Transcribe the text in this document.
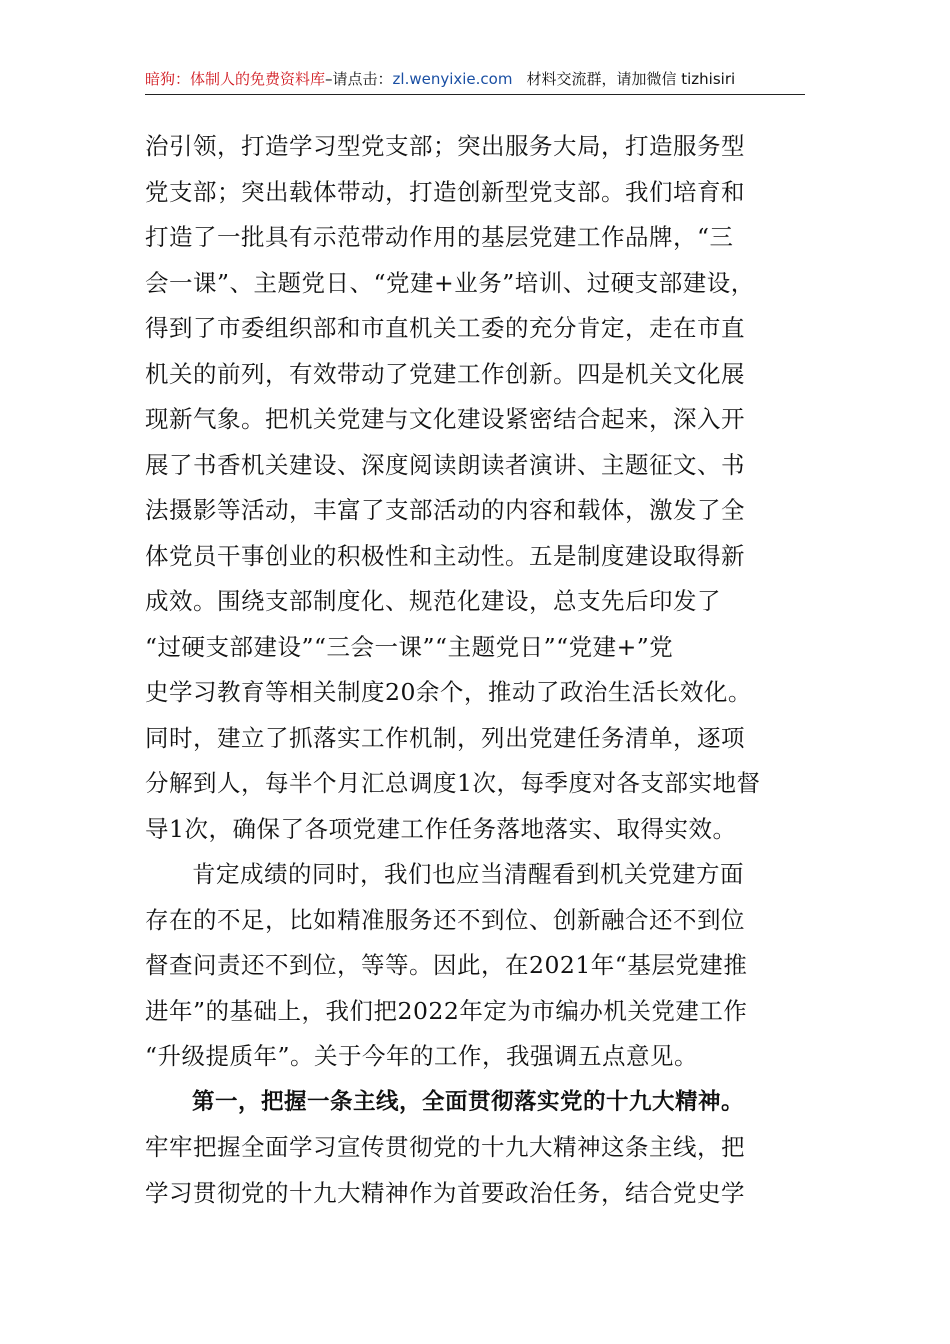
暗狗：体制人的免费资料库–请点击：zl.wenyixie.com 材料交流群，请加微信 tizhisiri
治引领，打造学习型党支部；突出服务大局，打造服务型
党支部；突出载体带动，打造创新型党支部。我们培育和
打造了一批具有示范带动作用的基层党建工作品牌，“三
会一课”、主题党日、“党建+业务”培训、过硬支部建设，
得到了市委组织部和市直机关工委的充分肯定，走在市直
机关的前列，有效带动了党建工作创新。四是机关文化展
现新气象。把机关党建与文化建设紧密结合起来，深入开
展了书香机关建设、深度阅读朗读者演讲、主题征文、书
法摄影等活动，丰富了支部活动的内容和载体，激发了全
体党员干事创业的积极性和主动性。五是制度建设取得新
成效。围绕支部制度化、规范化建设，总支先后印发了
“过硬支部建设”“三会一课”“主题党日”“党建+”党
史学习教育等相关制度20余个，推动了政治生活长效化。
同时，建立了抓落实工作机制，列出党建任务清单，逐项
分解到人，每半个月汇总调度1次，每季度对各支部实地督
导1次，确保了各项党建工作任务落地落实、取得实效。
肯定成绩的同时，我们也应当清醒看到机关党建方面
存在的不足，比如精准服务还不到位、创新融合还不到位
督查问责还不到位，等等。因此，在2021年“基层党建推
进年”的基础上，我们把2022年定为市编办机关党建工作
“升级提质年”。关于今年的工作，我强调五点意见。
第一，把握一条主线，全面贯彻落实党的十九大精神。
牢牢把握全面学习宣传贯彻党的十九大精神这条主线，把
学习贯彻党的十九大精神作为首要政治任务，结合党史学
